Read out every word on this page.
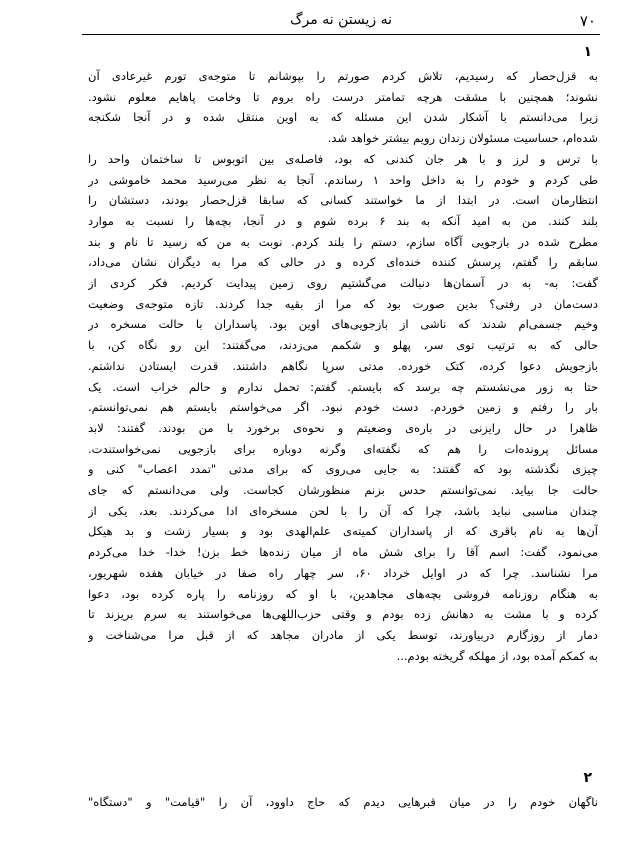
نه زیستن نه مرگ	۷۰
۱
به قزل‌حصار که رسیدیم، تلاش کردم صورتم را بپوشانم تا متوجه‌ی تورم غیرعادی آن
نشوند؛ همچنین با مشقت هرچه تمامتر درست راه بروم تا وخامت پاهایم معلوم نشود.
زیرا می‌دانستم با آشکار شدن این مسئله که به اوین منتقل شده و در آنجا شکنجه
شده‌ام، حساسیت مسئولان زندان رویم بیشتر خواهد شد.
با ترس و لرز و با هر جان کندنی که بود، فاصله‌ی بین اتوبوس تا ساختمان واحد را
طی کردم و خودم را به داخل واحد ۱ رساندم. آنجا به نظر می‌رسید محمد خاموشی در
انتظارمان است. در ابتدا از ما خواستند کسانی که سابقا قزل‌حصار بودند، دستشان را
بلند کنند. من به امید آنکه به بند ۶ برده شوم و در آنجا، بچه‌ها را نسبت به موارد
مطرح شده در بازجویی آگاه سازم، دستم را بلند کردم. نوبت به من که رسید تا نام و بند
سابقم را گفتم، پرسش کننده خنده‌ای کرده و در حالی که مرا به دیگران نشان می‌داد،
گفت: به- به در آسمان‌ها دنبالت می‌گشتیم روی زمین پیدایت کردیم. فکر کردی از
دست‌مان در رفتی؟ بدین صورت بود که مرا از بقیه جدا کردند. تازه متوجه‌ی وضعیت
وخیم جسمی‌ام شدند که ناشی از بازجویی‌های اوین بود. پاسداران با حالت مسخره در
حالی که به ترتیب توی سر، پهلو و شکمم می‌زدند، می‌گفتند: این رو نگاه کن، با
بازجویش دعوا کرده، کتک خورده. مدتی سرپا نگاهم داشتند. قدرت ایستادن نداشتم.
حتا به زور می‌نشستم چه برسد که بایستم. گفتم: تحمل ندارم و حالم خراب است. یک
بار را رفتم و زمین خوردم. دست خودم نبود. اگر می‌خواستم بایستم هم نمی‌توانستم.
ظاهرا در حال رایزنی در باره‌ی وضعیتم و نحوه‌ی برخورد با من بودند. گفتند: لابد
مسائل پرونده‌ات را هم که نگفته‌ای وگرنه دوباره برای بازجویی نمی‌خواستندت.
چیزی نگذشته بود که گفتند: به جایی می‌روی که برای مدتی "تمدد اعصاب" کنی و
حالت جا بیاید. نمی‌توانستم حدس بزنم منظورشان کجاست. ولی می‌دانستم که جای
چندان مناسبی نباید باشد، چرا که آن را با لحن مسخره‌ای ادا می‌کردند. بعد، یکی از
آن‌ها به نام باقری که از پاسداران کمیته‌ی علم‌الهدی بود و بسیار زشت و بد هیکل
می‌نمود، گفت: اسم آقا را برای شش ماه از میان زنده‌ها خط بزن! خدا- خدا می‌کردم
مرا نشناسد. چرا که در اوایل خرداد ۶۰، سر چهار راه صفا در خیابان هفده شهریور،
به هنگام روزنامه فروشی بچه‌های مجاهدین، با او که روزنامه را پاره کرده بود، دعوا
کرده و با مشت به دهانش زده بودم و وقتی حزب‌اللهی‌ها می‌خواستند به سرم بریزند تا
دمار از روزگارم دربیاورند، توسط یکی از مادران مجاهد که از قبل مرا می‌شناخت و
به کمکم آمده بود، از مهلکه گریخته بودم...
۲
ناگهان خودم را در میان قبرهایی دیدم که حاج داوود، آن را "قیامت" و "دستگاه"
